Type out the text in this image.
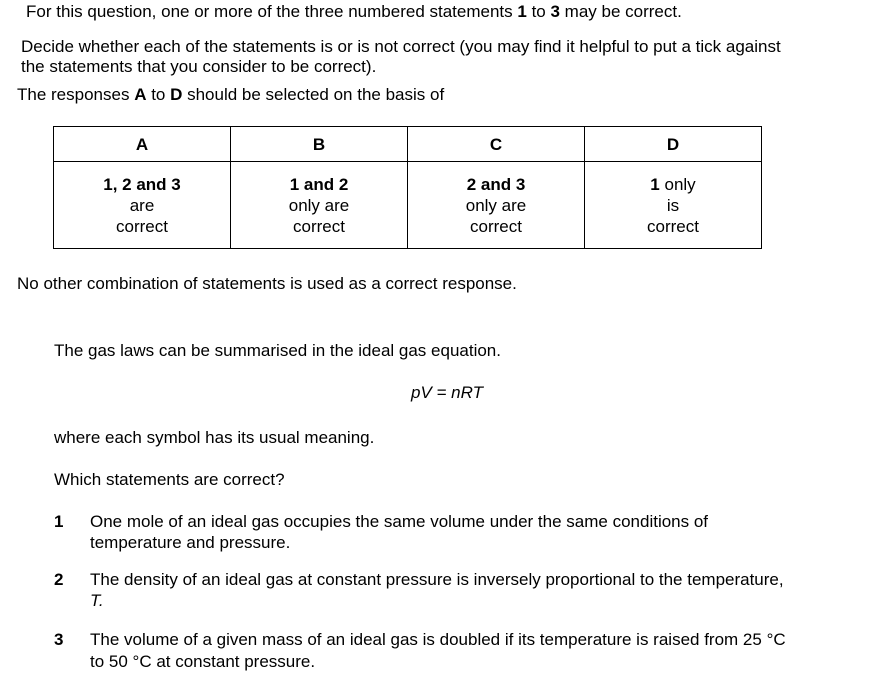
For this question, one or more of the three numbered statements 1 to 3 may be correct.
Decide whether each of the statements is or is not correct (you may find it helpful to put a tick against
the statements that you consider to be correct).
The responses A to D should be selected on the basis of
A	B	C	D
1, 2 and 3
are
correct	1 and 2
only are
correct	2 and 3
only are
correct	1 only
is
correct
No other combination of statements is used as a correct response.
The gas laws can be summarised in the ideal gas equation.
pV = nRT
where each symbol has its usual meaning.
Which statements are correct?
1 One mole of an ideal gas occupies the same volume under the same conditions of
temperature and pressure.
2 The density of an ideal gas at constant pressure is inversely proportional to the temperature,
T.
3 The volume of a given mass of an ideal gas is doubled if its temperature is raised from 25 °C
to 50 °C at constant pressure.
